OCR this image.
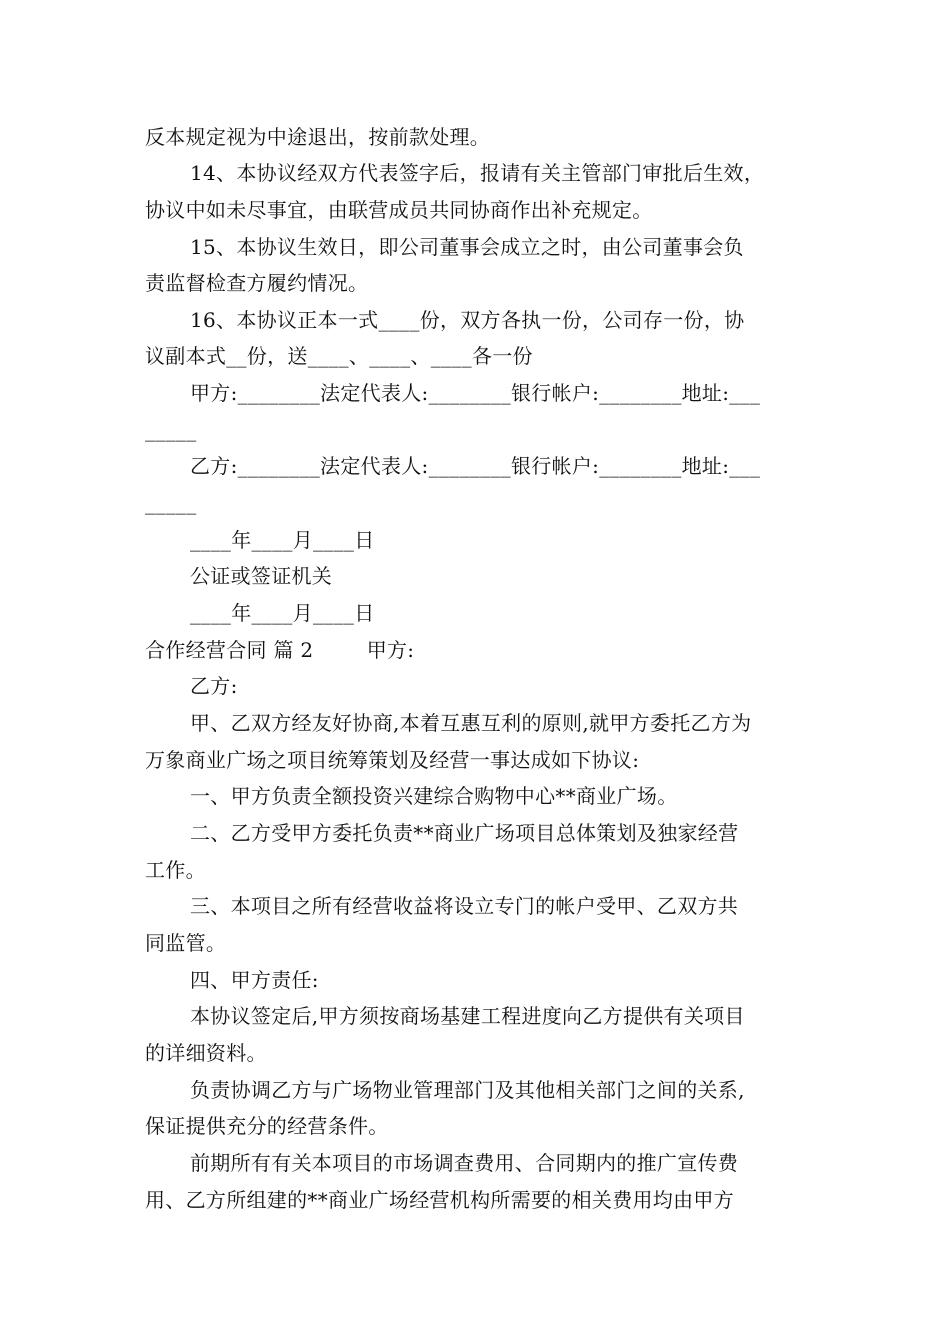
反本规定视为中途退出，按前款处理。
14、本协议经双方代表签字后，报请有关主管部门审批后生效，
协议中如未尽事宜，由联营成员共同协商作出补充规定。
15、本协议生效日，即公司董事会成立之时，由公司董事会负
责监督检查方履约情况。
16、本协议正本一式____份，双方各执一份，公司存一份，协
议副本式__份，送____、____、____各一份
甲方:________法定代表人:________银行帐户:________地址:___
_____
乙方:________法定代表人:________银行帐户:________地址:___
_____
____年____月____日
公证或签证机关
____年____月____日
合作经营合同 篇 2        甲方:
乙方:
甲、乙双方经友好协商,本着互惠互利的原则,就甲方委托乙方为
万象商业广场之项目统筹策划及经营一事达成如下协议:
一、甲方负责全额投资兴建综合购物中心**商业广场。
二、乙方受甲方委托负责**商业广场项目总体策划及独家经营
工作。
三、本项目之所有经营收益将设立专门的帐户受甲、乙双方共
同监管。
四、甲方责任:
本协议签定后,甲方须按商场基建工程进度向乙方提供有关项目
的详细资料。
负责协调乙方与广场物业管理部门及其他相关部门之间的关系,
保证提供充分的经营条件。
前期所有有关本项目的市场调查费用、合同期内的推广宣传费
用、乙方所组建的**商业广场经营机构所需要的相关费用均由甲方
